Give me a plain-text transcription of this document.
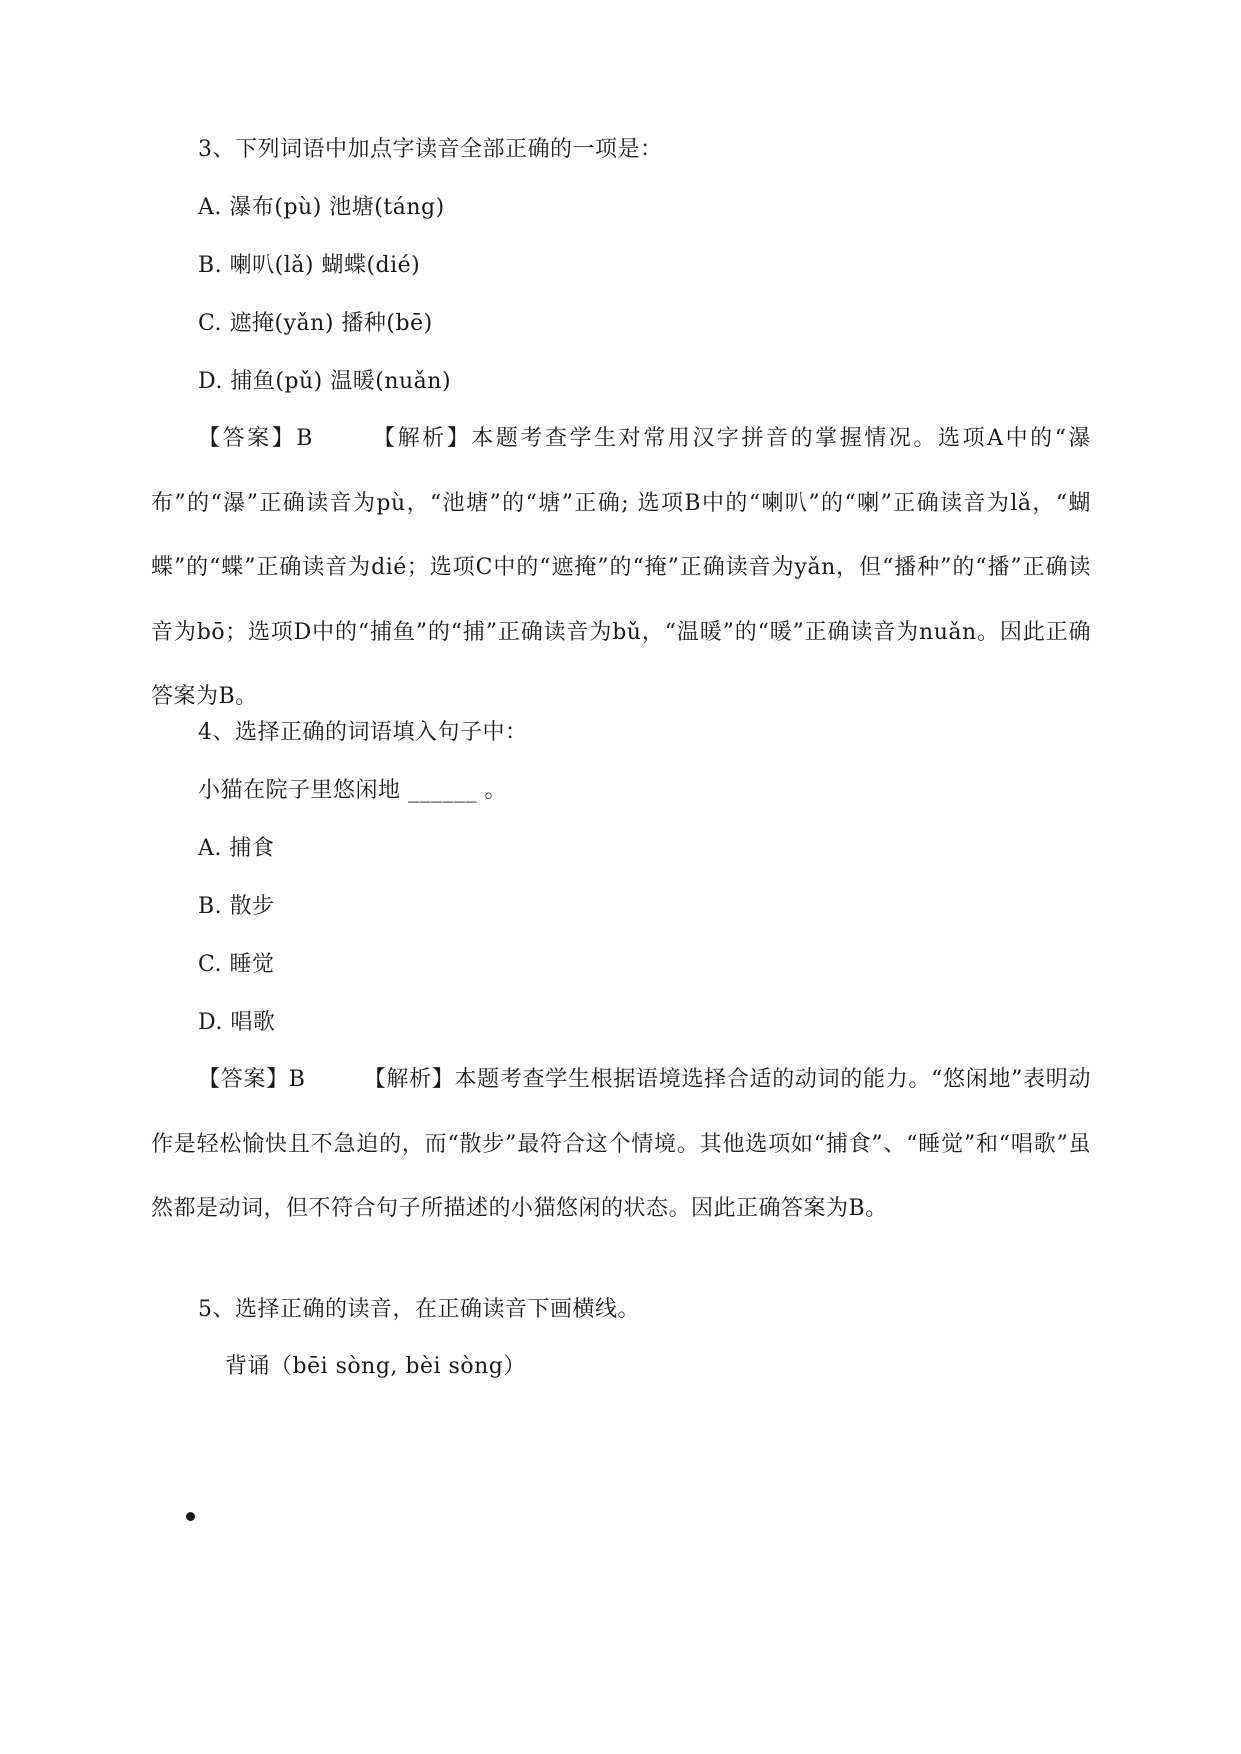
3、下列词语中加点字读音全部正确的一项是：
A. 瀑布(pù) 池塘(táng)
B. 喇叭(lǎ) 蝴蝶(dié)
C. 遮掩(yǎn) 播种(bē)
D. 捕鱼(pǔ) 温暖(nuǎn)
【答案】B	【解析】本题考查学生对常用汉字拼音的掌握情况。选项A中的“瀑布”的“瀑”正确读音为pù，“池塘”的“塘”正确; 选项B中的“喇叭”的“喇”正确读音为lǎ，“蝴蝶”的“蝶”正确读音为dié；选项C中的“遮掩”的“掩”正确读音为yǎn，但“播种”的“播”正确读音为bō；选项D中的“捕鱼”的“捕”正确读音为bǔ，“温暖”的“暖”正确读音为nuǎn。因此正确答案为B。
4、选择正确的词语填入句子中：
小猫在院子里悠闲地 ______ 。
A. 捕食
B. 散步
C. 睡觉
D. 唱歌
【答案】B	【解析】本题考查学生根据语境选择合适的动词的能力。“悠闲地”表明动作是轻松愉快且不急迫的，而“散步”最符合这个情境。其他选项如“捕食”、“睡觉”和“唱歌”虽然都是动词，但不符合句子所描述的小猫悠闲的状态。因此正确答案为B。
5、选择正确的读音，在正确读音下画横线。
背诵（bēi sòng, bèi sòng）
